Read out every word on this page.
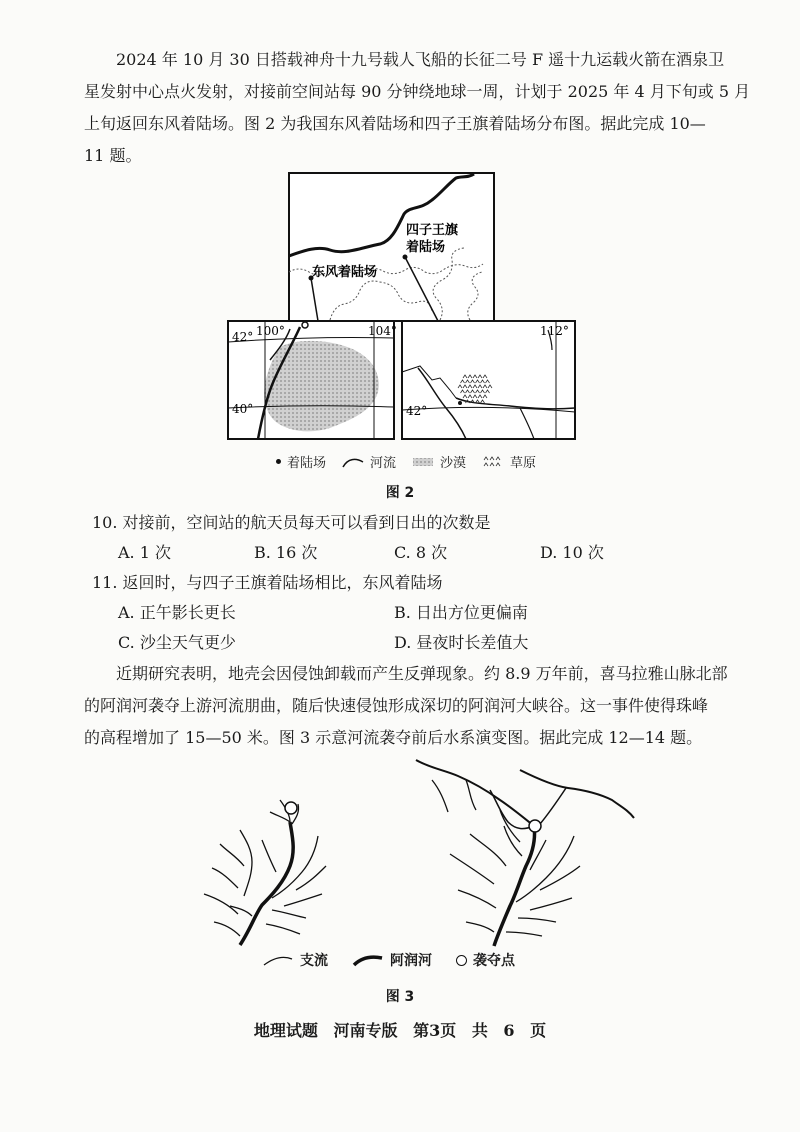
2024 年 10 月 30 日搭载神舟十九号载人飞船的长征二号 F 遥十九运载火箭在酒泉卫
星发射中心点火发射，对接前空间站每 90 分钟绕地球一周，计划于 2025 年 4 月下旬或 5 月
上旬返回东风着陆场。图 2 为我国东风着陆场和四子王旗着陆场分布图。据此完成 10—
11 题。
四子王旗
着陆场
东风着陆场
100°	104°
42°
40°
112°
42°
着陆场	河流	沙漠	草原
图 2

10. 对接前，空间站的航天员每天可以看到日出的次数是

A. 1 次	B. 16 次	C. 8 次	D. 10 次

11. 返回时，与四子王旗着陆场相比，东风着陆场

A. 正午影长更长	B. 日出方位更偏南
C. 沙尘天气更少	D. 昼夜时长差值大
近期研究表明，地壳会因侵蚀卸载而产生反弹现象。约 8.9 万年前，喜马拉雅山脉北部
的阿润河袭夺上游河流朋曲，随后快速侵蚀形成深切的阿润河大峡谷。这一事件使得珠峰
的高程增加了 15—50 米。图 3 示意河流袭夺前后水系演变图。据此完成 12—14 题。
支流	阿润河	袭夺点
图 3
地理试题 河南专版 第3页 共 6 页
